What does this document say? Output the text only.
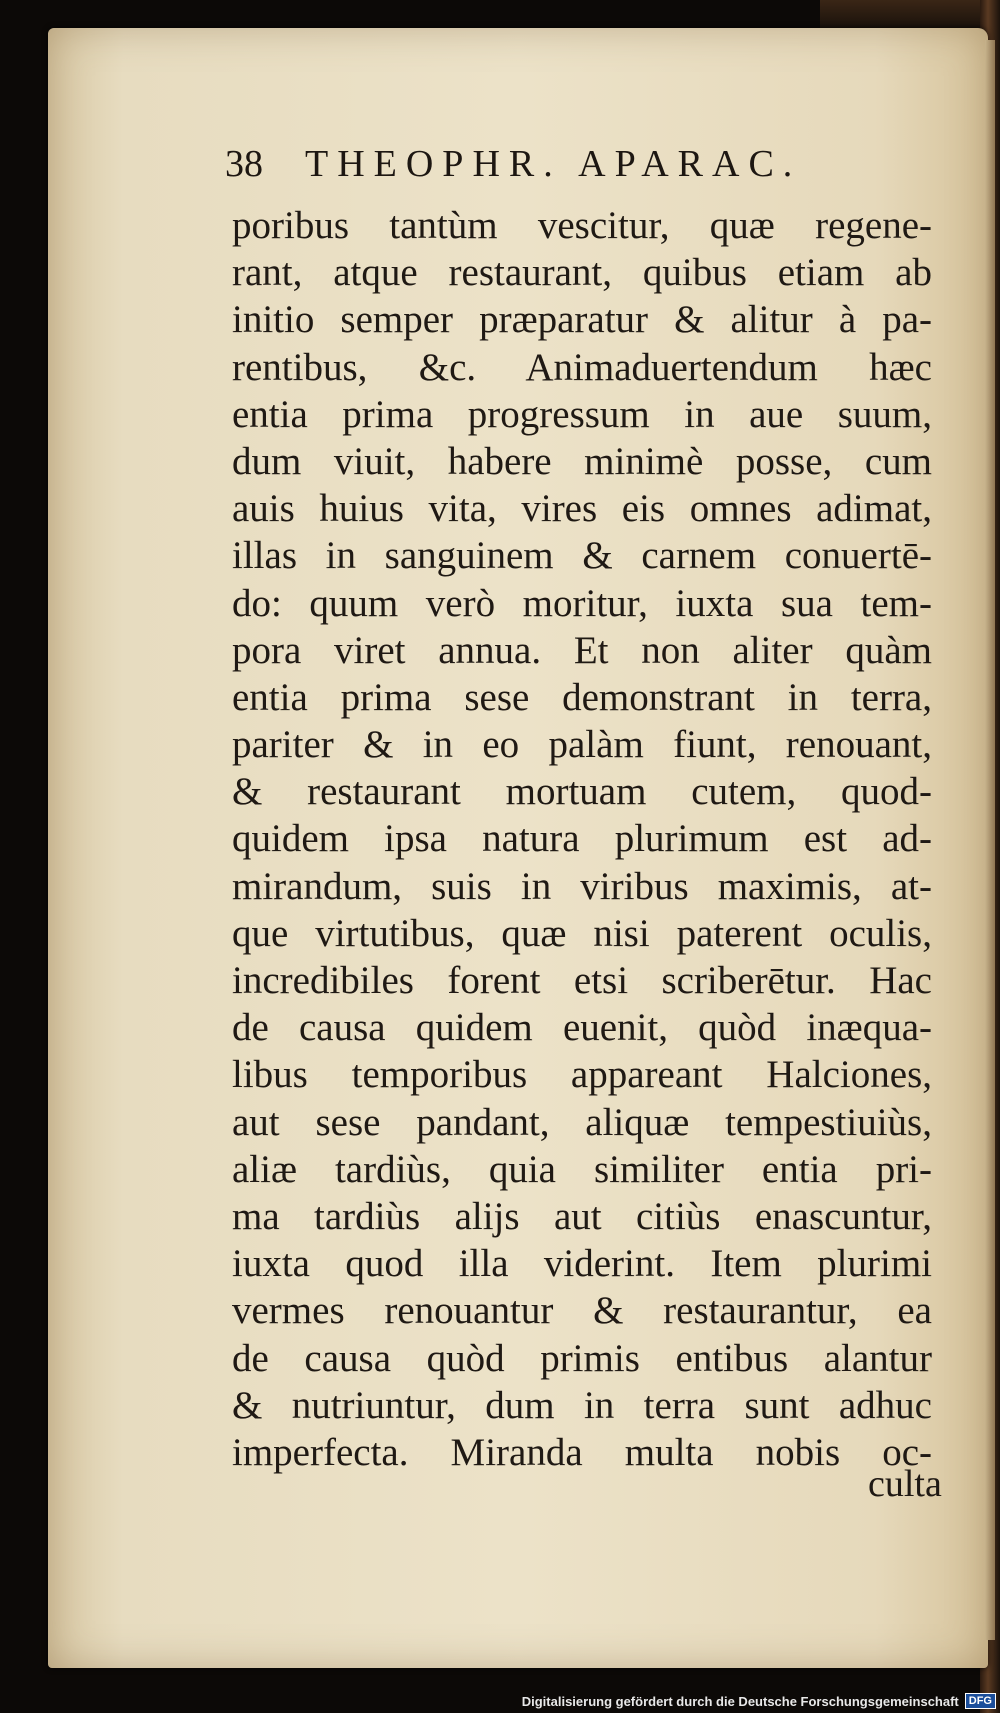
38 THEOPHR. APARAC.
poribus tantùm vescitur, quæ regene-
rant, atque restaurant, quibus etiam ab
initio semper præparatur & alitur à pa-
rentibus, &c. Animaduertendum hæc
entia prima progressum in aue suum,
dum viuit, habere minimè posse, cum
auis huius vita, vires eis omnes adimat,
illas in sanguinem & carnem conuertē-
do: quum verò moritur, iuxta sua tem-
pora viret annua. Et non aliter quàm
entia prima sese demonstrant in terra,
pariter & in eo palàm fiunt, renouant,
& restaurant mortuam cutem, quod-
quidem ipsa natura plurimum est ad-
mirandum, suis in viribus maximis, at-
que virtutibus, quæ nisi paterent oculis,
incredibiles forent etsi scriberētur. Hac
de causa quidem euenit, quòd inæqua-
libus temporibus appareant Halciones,
aut sese pandant, aliquæ tempestiuiùs,
aliæ tardiùs, quia similiter entia pri-
ma tardiùs alijs aut citiùs enascuntur,
iuxta quod illa viderint. Item plurimi
vermes renouantur & restaurantur, ea
de causa quòd primis entibus alantur
& nutriuntur, dum in terra sunt adhuc
imperfecta. Miranda multa nobis oc-
culta
Digitalisierung gefördert durch die Deutsche Forschungsgemeinschaft DFG
